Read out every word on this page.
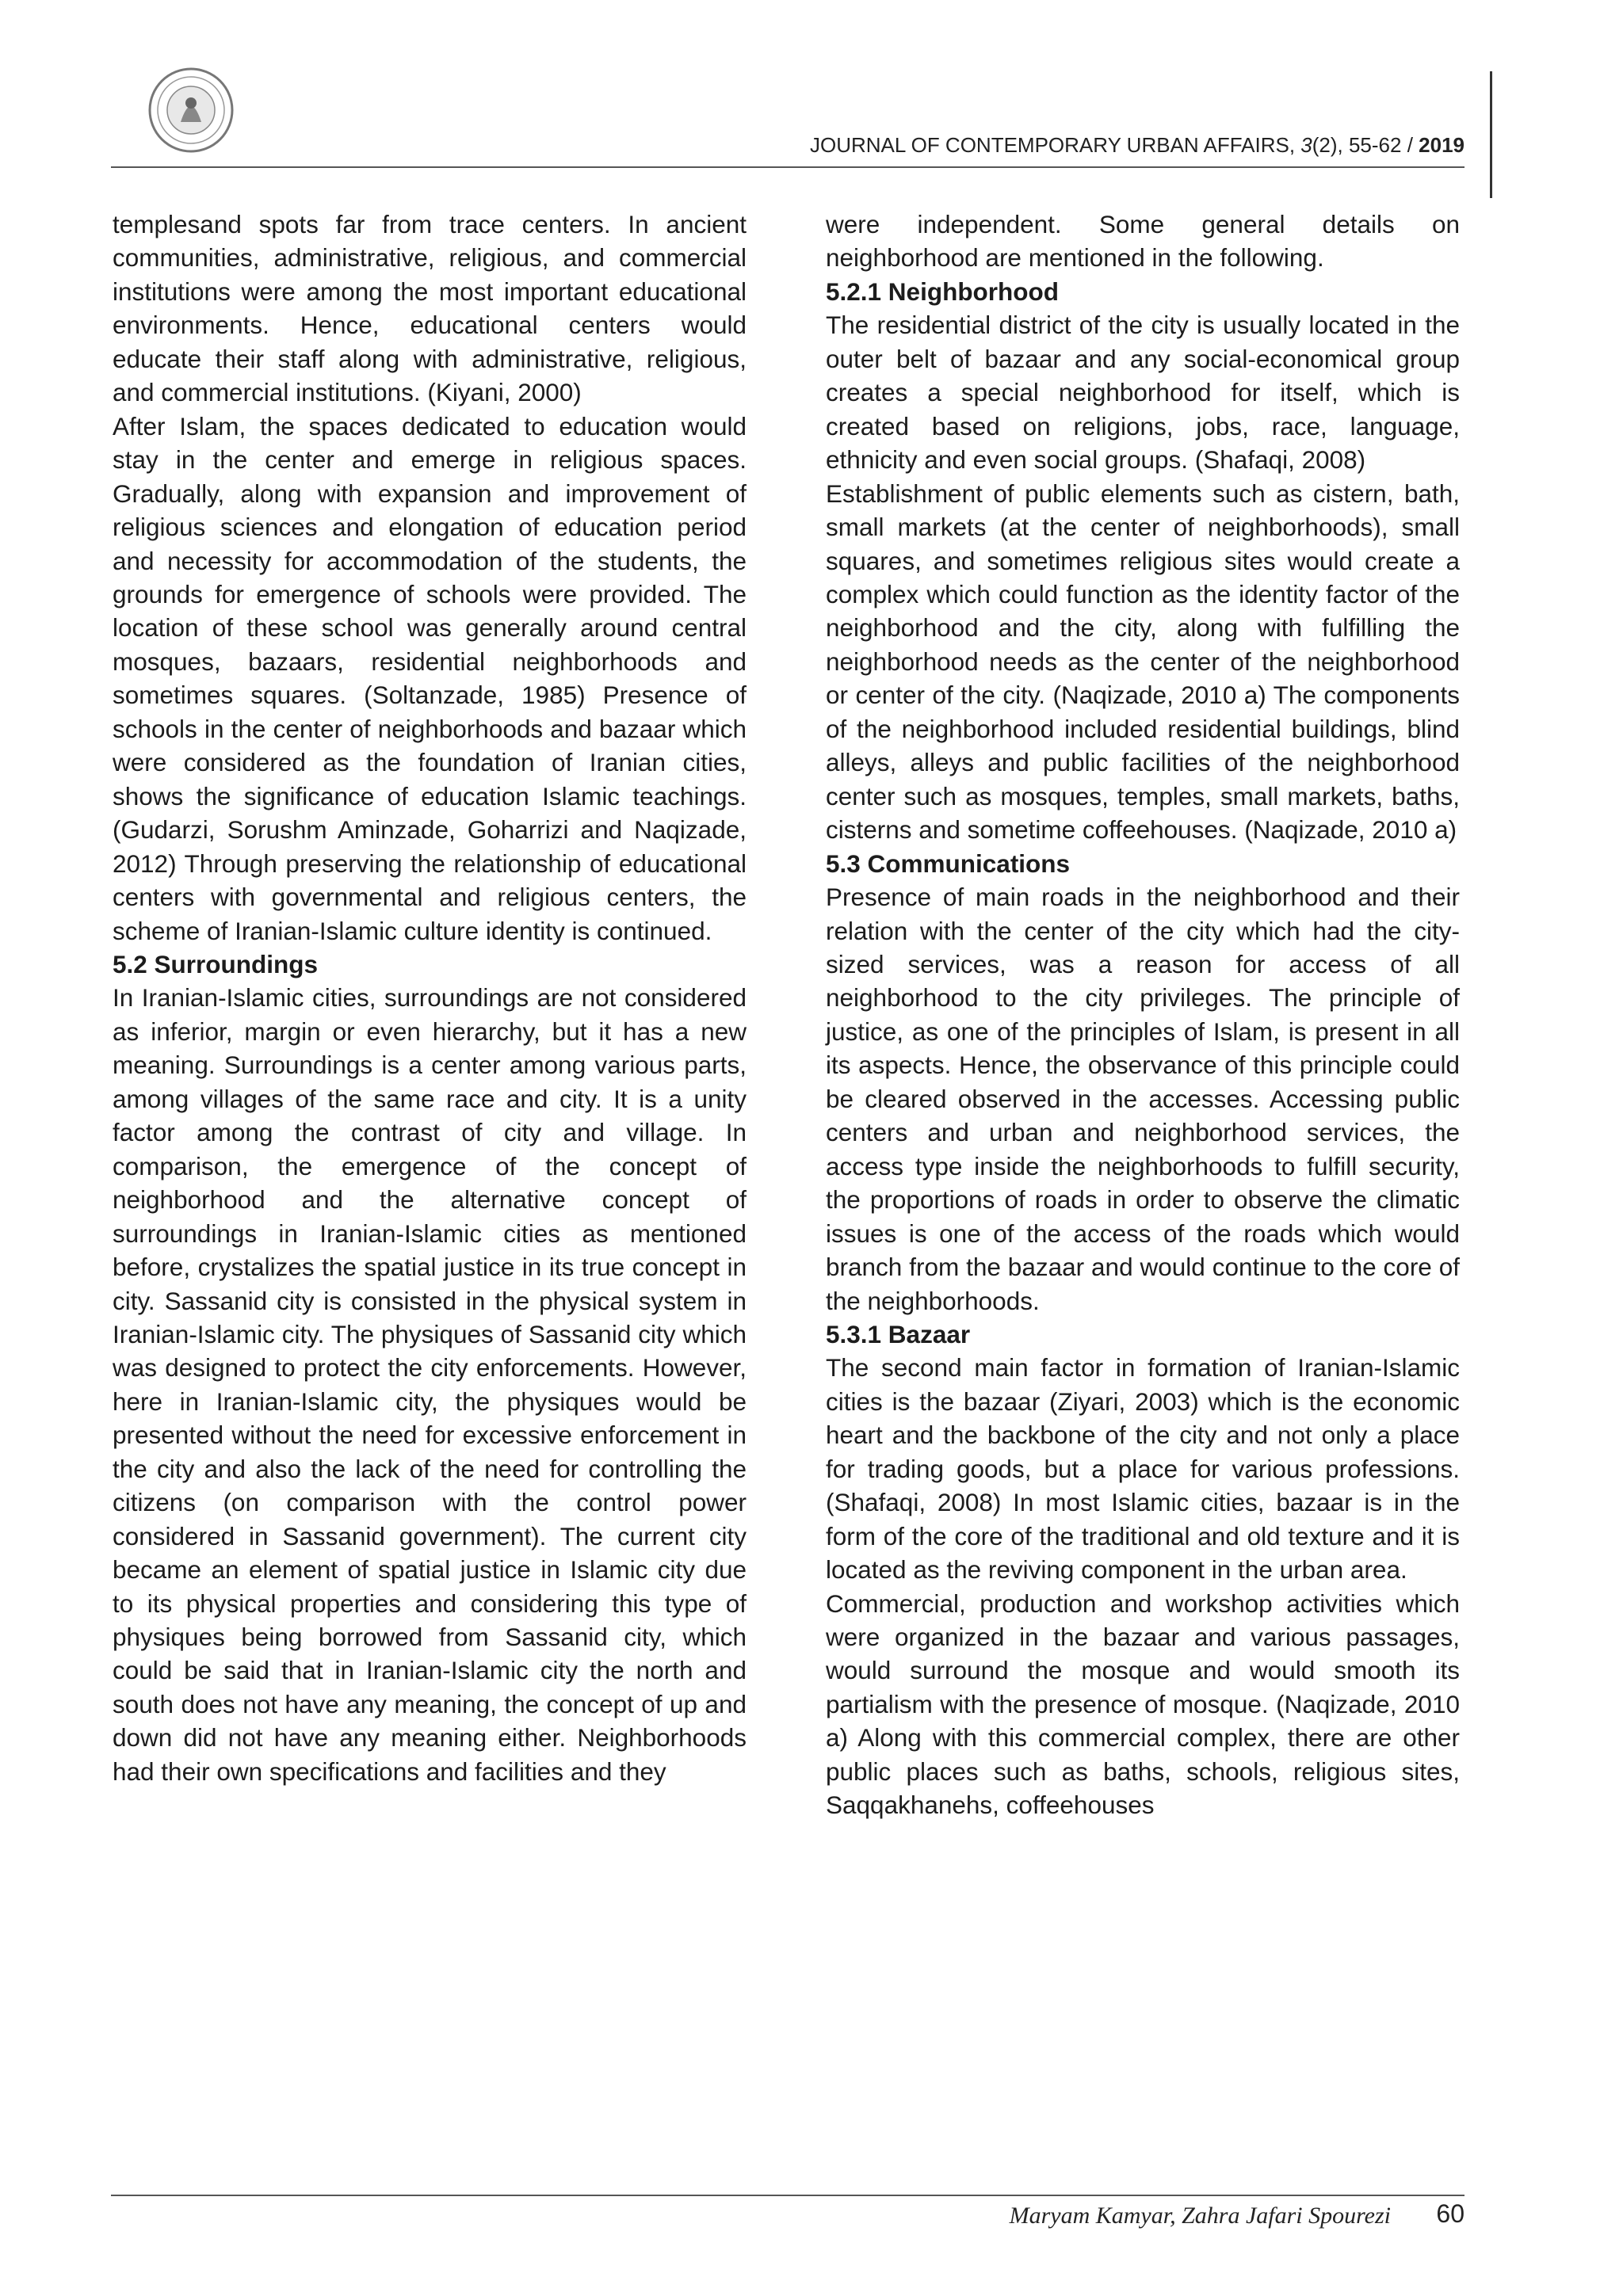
JOURNAL OF CONTEMPORARY URBAN AFFAIRS, 3(2), 55-62 / 2019

templesand spots far from trace centers. In ancient communities, administrative, religious, and commercial institutions were among the most important educational environments. Hence, educational centers would educate their staff along with administrative, religious, and commercial institutions. (Kiyani, 2000)

After Islam, the spaces dedicated to education would stay in the center and emerge in religious spaces. Gradually, along with expansion and improvement of religious sciences and elongation of education period and necessity for accommodation of the students, the grounds for emergence of schools were provided. The location of these school was generally around central mosques, bazaars, residential neighborhoods and sometimes squares. (Soltanzade, 1985) Presence of schools in the center of neighborhoods and bazaar which were considered as the foundation of Iranian cities, shows the significance of education Islamic teachings. (Gudarzi, Sorushm Aminzade, Goharrizi and Naqizade, 2012) Through preserving the relationship of educational centers with governmental and religious centers, the scheme of Iranian-Islamic culture identity is continued.

5.2 Surroundings

In Iranian-Islamic cities, surroundings are not considered as inferior, margin or even hierarchy, but it has a new meaning. Surroundings is a center among various parts, among villages of the same race and city. It is a unity factor among the contrast of city and village. In comparison, the emergence of the concept of neighborhood and the alternative concept of surroundings in Iranian-Islamic cities as mentioned before, crystalizes the spatial justice in its true concept in city. Sassanid city is consisted in the physical system in Iranian-Islamic city. The physiques of Sassanid city which was designed to protect the city enforcements. However, here in Iranian-Islamic city, the physiques would be presented without the need for excessive enforcement in the city and also the lack of the need for controlling the citizens (on comparison with the control power considered in Sassanid government). The current city became an element of spatial justice in Islamic city due to its physical properties and considering this type of physiques being borrowed from Sassanid city, which could be said that in Iranian-Islamic city the north and south does not have any meaning, the concept of up and down did not have any meaning either. Neighborhoods had their own specifications and facilities and they

were independent. Some general details on neighborhood are mentioned in the following.

5.2.1 Neighborhood

The residential district of the city is usually located in the outer belt of bazaar and any social-economical group creates a special neighborhood for itself, which is created based on religions, jobs, race, language, ethnicity and even social groups. (Shafaqi, 2008)

Establishment of public elements such as cistern, bath, small markets (at the center of neighborhoods), small squares, and sometimes religious sites would create a complex which could function as the identity factor of the neighborhood and the city, along with fulfilling the neighborhood needs as the center of the neighborhood or center of the city. (Naqizade, 2010 a) The components of the neighborhood included residential buildings, blind alleys, alleys and public facilities of the neighborhood center such as mosques, temples, small markets, baths, cisterns and sometime coffeehouses. (Naqizade, 2010 a)

5.3 Communications

Presence of main roads in the neighborhood and their relation with the center of the city which had the city-sized services, was a reason for access of all neighborhood to the city privileges. The principle of justice, as one of the principles of Islam, is present in all its aspects. Hence, the observance of this principle could be cleared observed in the accesses. Accessing public centers and urban and neighborhood services, the access type inside the neighborhoods to fulfill security, the proportions of roads in order to observe the climatic issues is one of the access of the roads which would branch from the bazaar and would continue to the core of the neighborhoods.

5.3.1 Bazaar

The second main factor in formation of Iranian-Islamic cities is the bazaar (Ziyari, 2003) which is the economic heart and the backbone of the city and not only a place for trading goods, but a place for various professions. (Shafaqi, 2008) In most Islamic cities, bazaar is in the form of the core of the traditional and old texture and it is located as the reviving component in the urban area.

Commercial, production and workshop activities which were organized in the bazaar and various passages, would surround the mosque and would smooth its partialism with the presence of mosque. (Naqizade, 2010 a) Along with this commercial complex, there are other public places such as baths, schools, religious sites, Saqqakhanehs, coffeehouses

Maryam Kamyar, Zahra Jafari Spourezi	60
